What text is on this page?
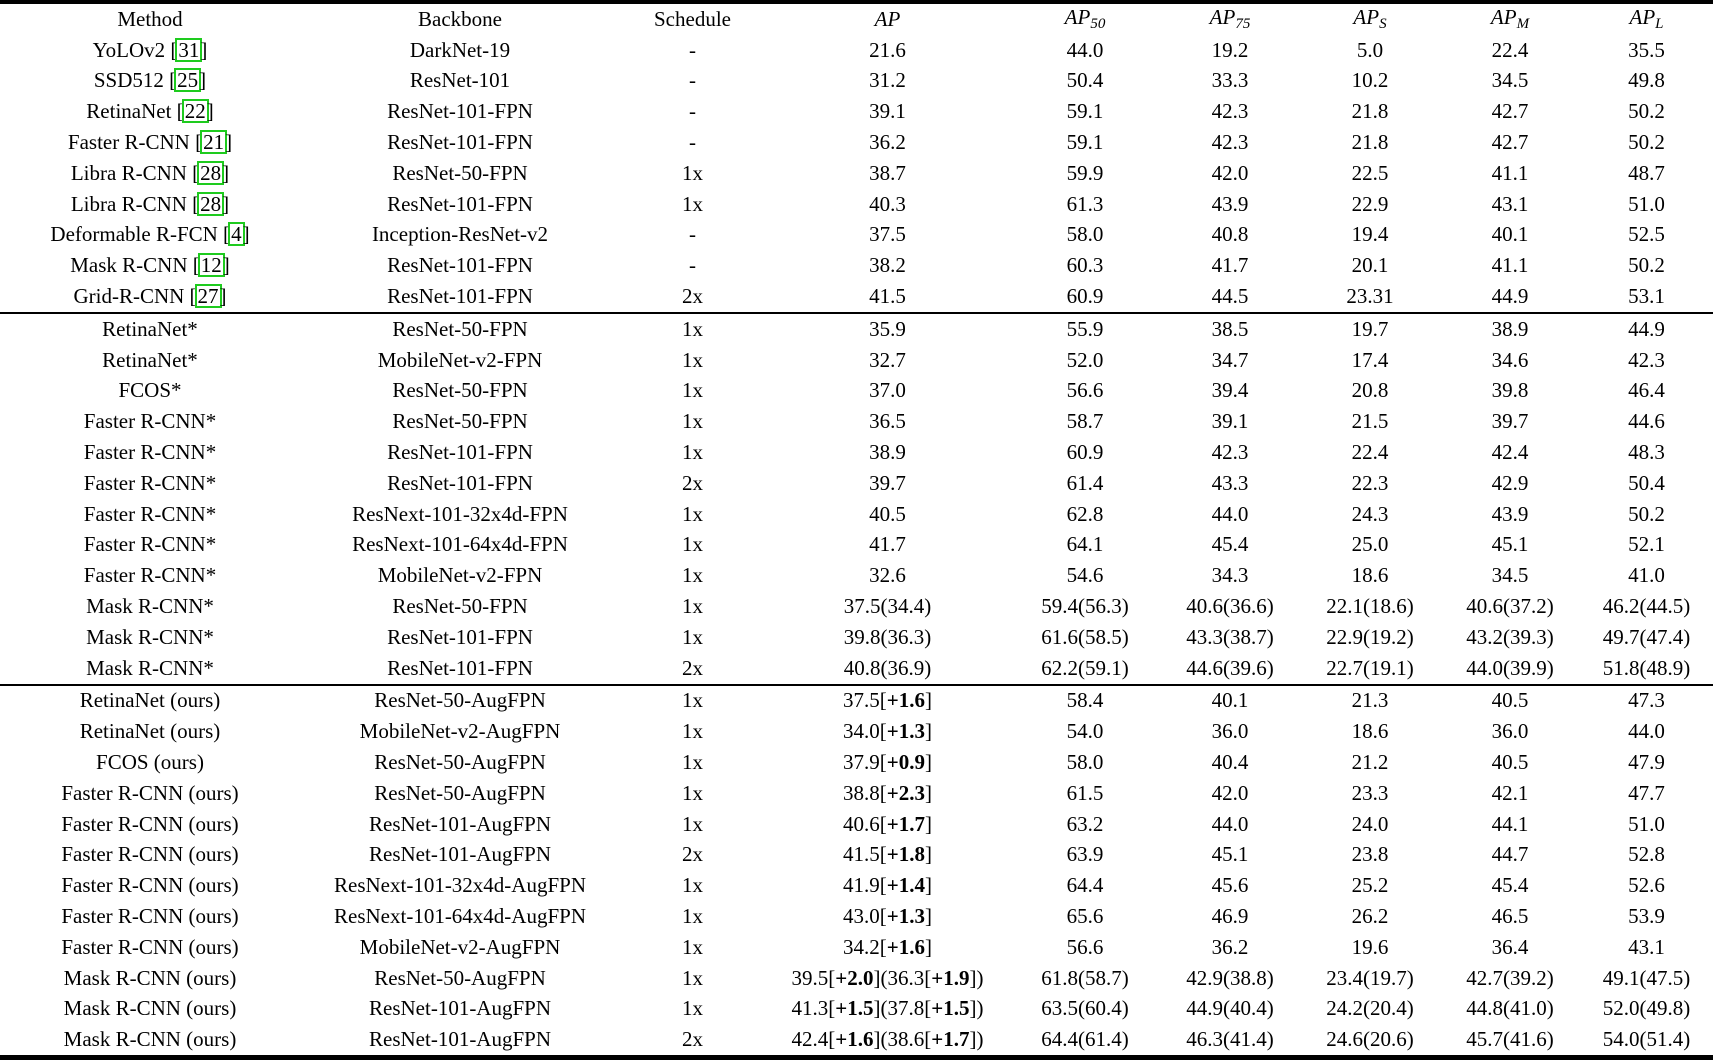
Method	Backbone	Schedule	AP	$AP_{50}$	$AP_{75}$	$AP_S$	$AP_M$	$AP_L$
YoLOv2 [31]	DarkNet-19	-	21.6	44.0	19.2	5.0	22.4	35.5
SSD512 [25]	ResNet-101	-	31.2	50.4	33.3	10.2	34.5	49.8
RetinaNet [22]	ResNet-101-FPN	-	39.1	59.1	42.3	21.8	42.7	50.2
Faster R-CNN [21]	ResNet-101-FPN	-	36.2	59.1	42.3	21.8	42.7	50.2
Libra R-CNN [28]	ResNet-50-FPN	1x	38.7	59.9	42.0	22.5	41.1	48.7
Libra R-CNN [28]	ResNet-101-FPN	1x	40.3	61.3	43.9	22.9	43.1	51.0
Deformable R-FCN [4]	Inception-ResNet-v2	-	37.5	58.0	40.8	19.4	40.1	52.5
Mask R-CNN [12]	ResNet-101-FPN	-	38.2	60.3	41.7	20.1	41.1	50.2
Grid-R-CNN [27]	ResNet-101-FPN	2x	41.5	60.9	44.5	23.31	44.9	53.1
RetinaNet*	ResNet-50-FPN	1x	35.9	55.9	38.5	19.7	38.9	44.9
RetinaNet*	MobileNet-v2-FPN	1x	32.7	52.0	34.7	17.4	34.6	42.3
FCOS*	ResNet-50-FPN	1x	37.0	56.6	39.4	20.8	39.8	46.4
Faster R-CNN*	ResNet-50-FPN	1x	36.5	58.7	39.1	21.5	39.7	44.6
Faster R-CNN*	ResNet-101-FPN	1x	38.9	60.9	42.3	22.4	42.4	48.3
Faster R-CNN*	ResNet-101-FPN	2x	39.7	61.4	43.3	22.3	42.9	50.4
Faster R-CNN*	ResNext-101-32x4d-FPN	1x	40.5	62.8	44.0	24.3	43.9	50.2
Faster R-CNN*	ResNext-101-64x4d-FPN	1x	41.7	64.1	45.4	25.0	45.1	52.1
Faster R-CNN*	MobileNet-v2-FPN	1x	32.6	54.6	34.3	18.6	34.5	41.0
Mask R-CNN*	ResNet-50-FPN	1x	37.5(34.4)	59.4(56.3)	40.6(36.6)	22.1(18.6)	40.6(37.2)	46.2(44.5)
Mask R-CNN*	ResNet-101-FPN	1x	39.8(36.3)	61.6(58.5)	43.3(38.7)	22.9(19.2)	43.2(39.3)	49.7(47.4)
Mask R-CNN*	ResNet-101-FPN	2x	40.8(36.9)	62.2(59.1)	44.6(39.6)	22.7(19.1)	44.0(39.9)	51.8(48.9)
RetinaNet (ours)	ResNet-50-AugFPN	1x	37.5[+1.6]	58.4	40.1	21.3	40.5	47.3
RetinaNet (ours)	MobileNet-v2-AugFPN	1x	34.0[+1.3]	54.0	36.0	18.6	36.0	44.0
FCOS (ours)	ResNet-50-AugFPN	1x	37.9[+0.9]	58.0	40.4	21.2	40.5	47.9
Faster R-CNN (ours)	ResNet-50-AugFPN	1x	38.8[+2.3]	61.5	42.0	23.3	42.1	47.7
Faster R-CNN (ours)	ResNet-101-AugFPN	1x	40.6[+1.7]	63.2	44.0	24.0	44.1	51.0
Faster R-CNN (ours)	ResNet-101-AugFPN	2x	41.5[+1.8]	63.9	45.1	23.8	44.7	52.8
Faster R-CNN (ours)	ResNext-101-32x4d-AugFPN	1x	41.9[+1.4]	64.4	45.6	25.2	45.4	52.6
Faster R-CNN (ours)	ResNext-101-64x4d-AugFPN	1x	43.0[+1.3]	65.6	46.9	26.2	46.5	53.9
Faster R-CNN (ours)	MobileNet-v2-AugFPN	1x	34.2[+1.6]	56.6	36.2	19.6	36.4	43.1
Mask R-CNN (ours)	ResNet-50-AugFPN	1x	39.5[+2.0](36.3[+1.9])	61.8(58.7)	42.9(38.8)	23.4(19.7)	42.7(39.2)	49.1(47.5)
Mask R-CNN (ours)	ResNet-101-AugFPN	1x	41.3[+1.5](37.8[+1.5])	63.5(60.4)	44.9(40.4)	24.2(20.4)	44.8(41.0)	52.0(49.8)
Mask R-CNN (ours)	ResNet-101-AugFPN	2x	42.4[+1.6](38.6[+1.7])	64.4(61.4)	46.3(41.4)	24.6(20.6)	45.7(41.6)	54.0(51.4)
